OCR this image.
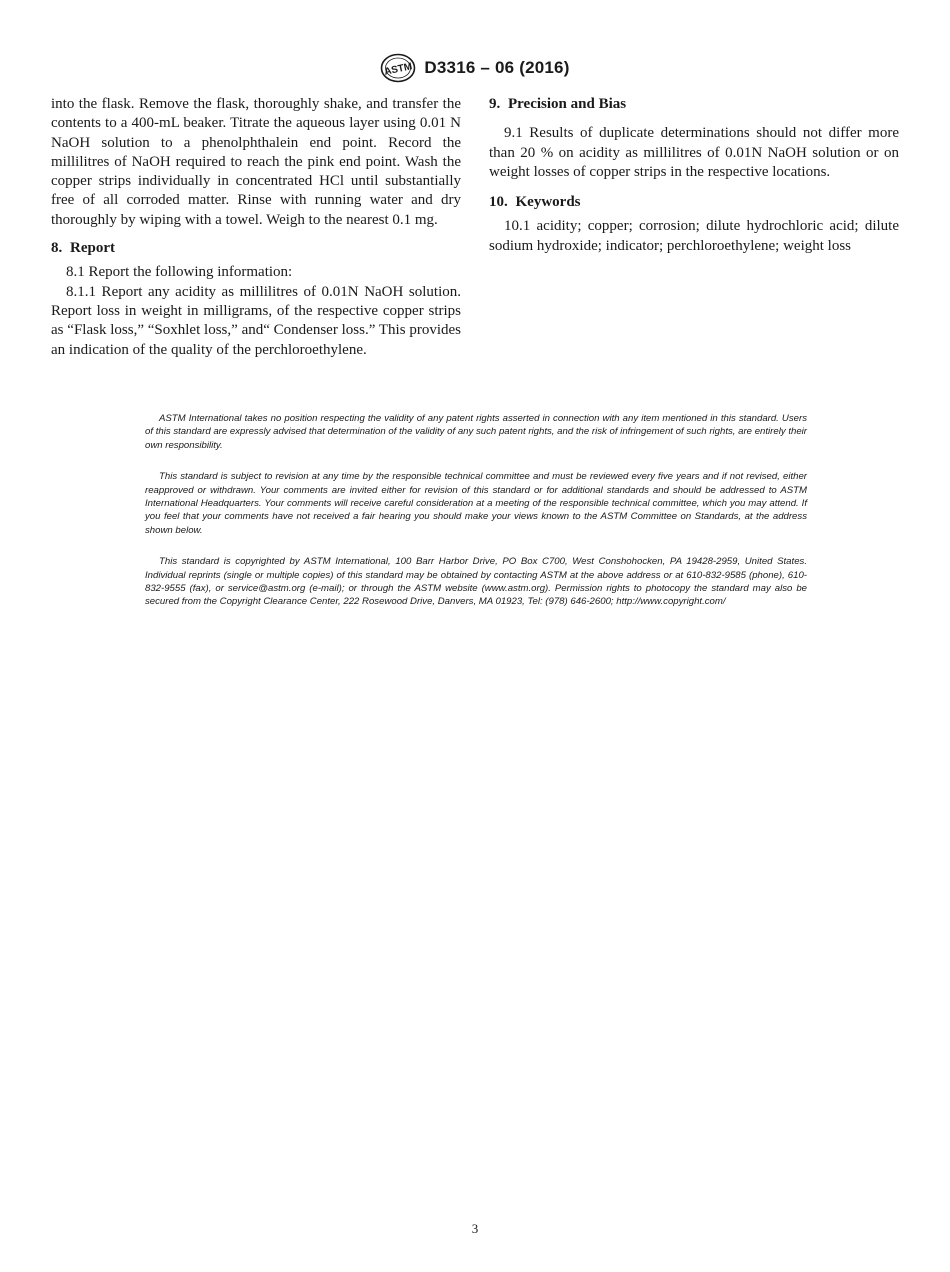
ASTM D3316 – 06 (2016)

into the flask. Remove the flask, thoroughly shake, and transfer the contents to a 400-mL beaker. Titrate the aqueous layer using 0.01 N NaOH solution to a phenolphthalein end point. Record the millilitres of NaOH required to reach the pink end point. Wash the copper strips individually in concentrated HCl until substantially free of all corroded matter. Rinse with running water and dry thoroughly by wiping with a towel. Weigh to the nearest 0.1 mg.

8. Report

8.1 Report the following information:

8.1.1 Report any acidity as millilitres of 0.01N NaOH solution. Report loss in weight in milligrams, of the respective copper strips as “Flask loss,” “Soxhlet loss,” and“ Condenser loss.” This provides an indication of the quality of the perchloroethylene.

9. Precision and Bias

9.1 Results of duplicate determinations should not differ more than 20 % on acidity as millilitres of 0.01N NaOH solution or on weight losses of copper strips in the respective locations.

10. Keywords

10.1 acidity; copper; corrosion; dilute hydrochloric acid; dilute sodium hydroxide; indicator; perchloroethylene; weight loss

ASTM International takes no position respecting the validity of any patent rights asserted in connection with any item mentioned in this standard. Users of this standard are expressly advised that determination of the validity of any such patent rights, and the risk of infringement of such rights, are entirely their own responsibility.

This standard is subject to revision at any time by the responsible technical committee and must be reviewed every five years and if not revised, either reapproved or withdrawn. Your comments are invited either for revision of this standard or for additional standards and should be addressed to ASTM International Headquarters. Your comments will receive careful consideration at a meeting of the responsible technical committee, which you may attend. If you feel that your comments have not received a fair hearing you should make your views known to the ASTM Committee on Standards, at the address shown below.

This standard is copyrighted by ASTM International, 100 Barr Harbor Drive, PO Box C700, West Conshohocken, PA 19428-2959, United States. Individual reprints (single or multiple copies) of this standard may be obtained by contacting ASTM at the above address or at 610-832-9585 (phone), 610-832-9555 (fax), or service@astm.org (e-mail); or through the ASTM website (www.astm.org). Permission rights to photocopy the standard may also be secured from the Copyright Clearance Center, 222 Rosewood Drive, Danvers, MA 01923, Tel: (978) 646-2600; http://www.copyright.com/

3
